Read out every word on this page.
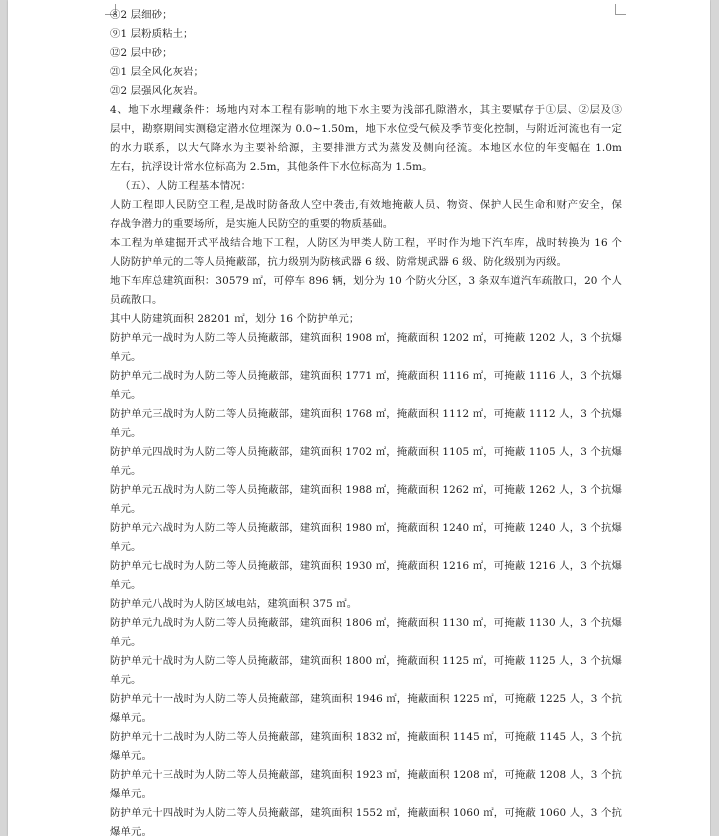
⑧2 层细砂；
⑨1 层粉质粘土；
⑫2 层中砂；
㉑1 层全风化灰岩；
㉑2 层强风化灰岩。
4、地下水埋藏条件：场地内对本工程有影响的地下水主要为浅部孔隙潜水，其主要赋存于①层、②层及③
层中，勘察期间实测稳定潜水位埋深为 0.0~1.50m，地下水位受气候及季节变化控制，与附近河流也有一定
的水力联系，以大气降水为主要补给源，主要排泄方式为蒸发及侧向径流。本地区水位的年变幅在 1.0m
左右，抗浮设计常水位标高为 2.5m，其他条件下水位标高为 1.5m。
（五）、人防工程基本情况：
人防工程即人民防空工程,是战时防备敌人空中袭击,有效地掩蔽人员、物资、保护人民生命和财产安全，保
存战争潜力的重要场所，是实施人民防空的重要的物质基础。
本工程为单建掘开式平战结合地下工程，人防区为甲类人防工程，平时作为地下汽车库，战时转换为 16 个
人防防护单元的二等人员掩蔽部，抗力级别为防核武器 6 级、防常规武器 6 级、防化级别为丙级。
地下车库总建筑面积：30579 ㎡，可停车 896 辆，划分为 10 个防火分区，3 条双车道汽车疏散口，20 个人
员疏散口。
其中人防建筑面积 28201 ㎡，划分 16 个防护单元；
防护单元一战时为人防二等人员掩蔽部，建筑面积 1908 ㎡，掩蔽面积 1202 ㎡，可掩蔽 1202 人，3 个抗爆
单元。
防护单元二战时为人防二等人员掩蔽部，建筑面积 1771 ㎡，掩蔽面积 1116 ㎡，可掩蔽 1116 人，3 个抗爆
单元。
防护单元三战时为人防二等人员掩蔽部，建筑面积 1768 ㎡，掩蔽面积 1112 ㎡，可掩蔽 1112 人，3 个抗爆
单元。
防护单元四战时为人防二等人员掩蔽部，建筑面积 1702 ㎡，掩蔽面积 1105 ㎡，可掩蔽 1105 人，3 个抗爆
单元。
防护单元五战时为人防二等人员掩蔽部，建筑面积 1988 ㎡，掩蔽面积 1262 ㎡，可掩蔽 1262 人，3 个抗爆
单元。
防护单元六战时为人防二等人员掩蔽部，建筑面积 1980 ㎡，掩蔽面积 1240 ㎡，可掩蔽 1240 人，3 个抗爆
单元。
防护单元七战时为人防二等人员掩蔽部，建筑面积 1930 ㎡，掩蔽面积 1216 ㎡，可掩蔽 1216 人，3 个抗爆
单元。
防护单元八战时为人防区域电站，建筑面积 375 ㎡。
防护单元九战时为人防二等人员掩蔽部，建筑面积 1806 ㎡，掩蔽面积 1130 ㎡，可掩蔽 1130 人，3 个抗爆
单元。
防护单元十战时为人防二等人员掩蔽部，建筑面积 1800 ㎡，掩蔽面积 1125 ㎡，可掩蔽 1125 人，3 个抗爆
单元。
防护单元十一战时为人防二等人员掩蔽部，建筑面积 1946 ㎡，掩蔽面积 1225 ㎡，可掩蔽 1225 人，3 个抗
爆单元。
防护单元十二战时为人防二等人员掩蔽部，建筑面积 1832 ㎡，掩蔽面积 1145 ㎡，可掩蔽 1145 人，3 个抗
爆单元。
防护单元十三战时为人防二等人员掩蔽部，建筑面积 1923 ㎡，掩蔽面积 1208 ㎡，可掩蔽 1208 人，3 个抗
爆单元。
防护单元十四战时为人防二等人员掩蔽部，建筑面积 1552 ㎡，掩蔽面积 1060 ㎡，可掩蔽 1060 人，3 个抗
爆单元。
